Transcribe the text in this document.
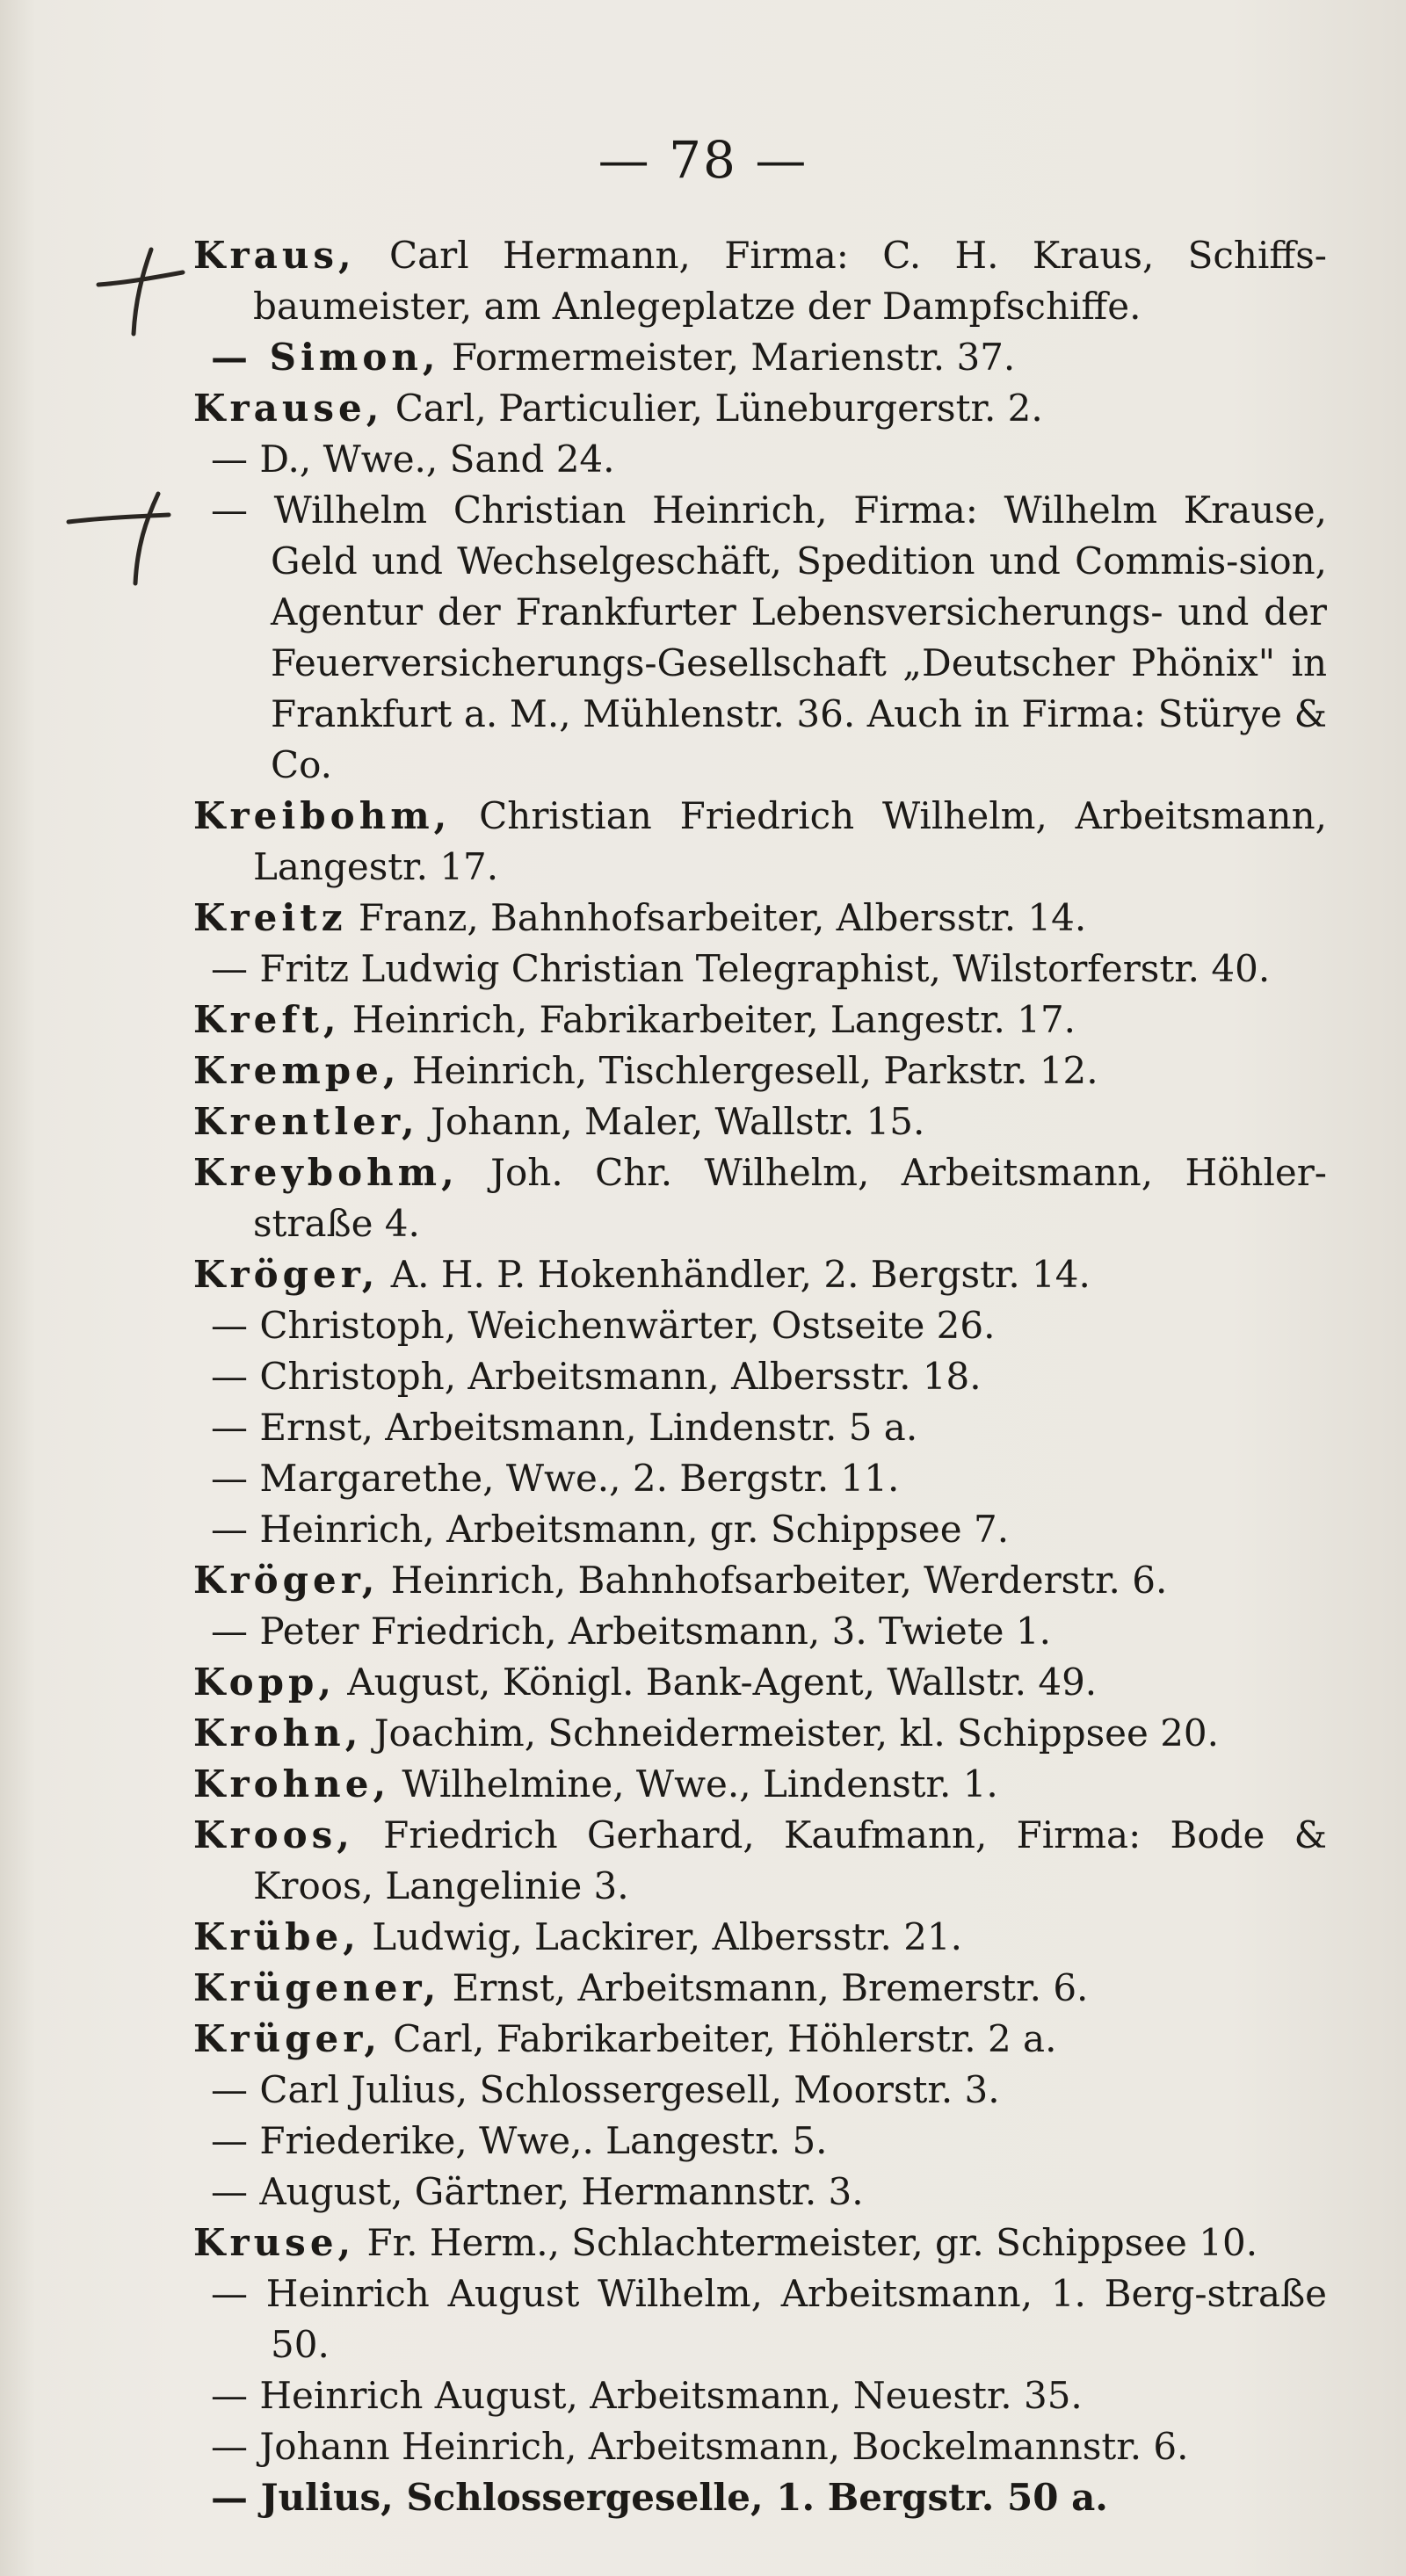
— 78 —

Kraus, Carl Hermann, Firma: C. H. Kraus, Schiffs-baumeister, am Anlegeplatze der Dampfschiffe.

— Simon, Formermeister, Marienstr. 37.

Krause, Carl, Particulier, Lüneburgerstr. 2.

— D., Wwe., Sand 24.

— Wilhelm Christian Heinrich, Firma: Wilhelm Krause, Geld und Wechselgeschäft, Spedition und Commis-sion, Agentur der Frankfurter Lebensversicherungs- und der Feuerversicherungs-Gesellschaft „Deutscher Phönix" in Frankfurt a. M., Mühlenstr. 36. Auch in Firma: Stürye & Co.

Kreibohm, Christian Friedrich Wilhelm, Arbeitsmann, Langestr. 17.

Kreitz Franz, Bahnhofsarbeiter, Albersstr. 14.

— Fritz Ludwig Christian Telegraphist, Wilstorferstr. 40.

Kreft, Heinrich, Fabrikarbeiter, Langestr. 17.

Krempe, Heinrich, Tischlergesell, Parkstr. 12.

Krentler, Johann, Maler, Wallstr. 15.

Kreybohm, Joh. Chr. Wilhelm, Arbeitsmann, Höhler-straße 4.

Kröger, A. H. P. Hokenhändler, 2. Bergstr. 14.

— Christoph, Weichenwärter, Ostseite 26.

— Christoph, Arbeitsmann, Albersstr. 18.

— Ernst, Arbeitsmann, Lindenstr. 5 a.

— Margarethe, Wwe., 2. Bergstr. 11.

— Heinrich, Arbeitsmann, gr. Schippsee 7.

Kröger, Heinrich, Bahnhofsarbeiter, Werderstr. 6.

— Peter Friedrich, Arbeitsmann, 3. Twiete 1.

Kopp, August, Königl. Bank-Agent, Wallstr. 49.

Krohn, Joachim, Schneidermeister, kl. Schippsee 20.

Krohne, Wilhelmine, Wwe., Lindenstr. 1.

Kroos, Friedrich Gerhard, Kaufmann, Firma: Bode & Kroos, Langelinie 3.

Krübe, Ludwig, Lackirer, Albersstr. 21.

Krügener, Ernst, Arbeitsmann, Bremerstr. 6.

Krüger, Carl, Fabrikarbeiter, Höhlerstr. 2 a.

— Carl Julius, Schlossergesell, Moorstr. 3.

— Friederike, Wwe,. Langestr. 5.

— August, Gärtner, Hermannstr. 3.

Kruse, Fr. Herm., Schlachtermeister, gr. Schippsee 10.

— Heinrich August Wilhelm, Arbeitsmann, 1. Berg-straße 50.

— Heinrich August, Arbeitsmann, Neuestr. 35.

— Johann Heinrich, Arbeitsmann, Bockelmannstr. 6.

— Julius, Schlossergeselle, 1. Bergstr. 50 a.
